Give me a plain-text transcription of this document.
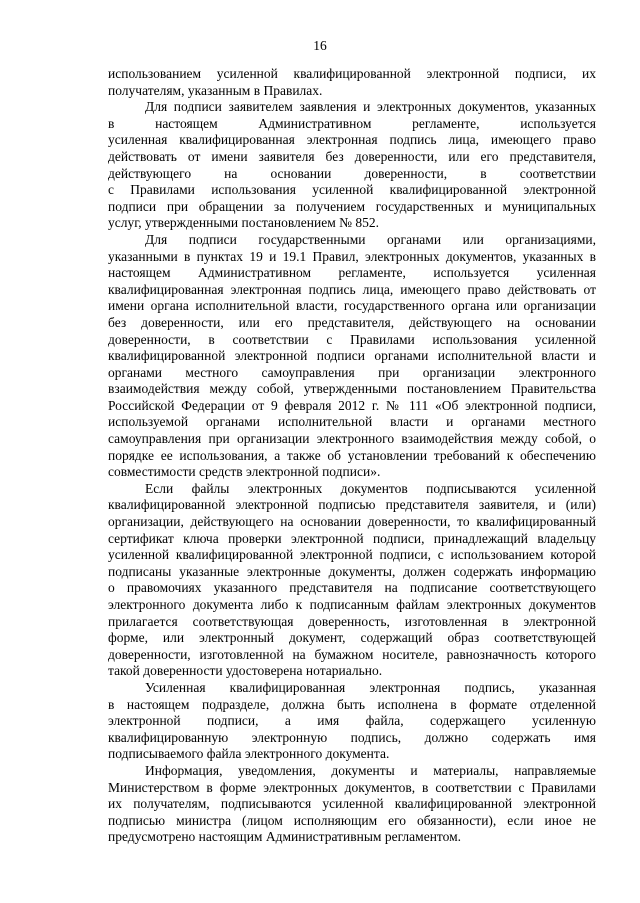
16
использованием усиленной квалифицированной электронной подписи, их
получателям, указанным в Правилах.
Для подписи заявителем заявления и электронных документов, указанных
в настоящем Административном регламенте, используется
усиленная квалифицированная электронная подпись лица, имеющего право
действовать от имени заявителя без доверенности, или его представителя,
действующего на основании доверенности, в соответствии
с Правилами использования усиленной квалифицированной электронной
подписи при обращении за получением государственных и муниципальных
услуг, утвержденными постановлением № 852.
Для подписи государственными органами или организациями,
указанными в пунктах 19 и 19.1 Правил, электронных документов, указанных в
настоящем Административном регламенте, используется усиленная
квалифицированная электронная подпись лица, имеющего право действовать от
имени органа исполнительной власти, государственного органа или организации
без доверенности, или его представителя, действующего на основании
доверенности, в соответствии с Правилами использования усиленной
квалифицированной электронной подписи органами исполнительной власти и
органами местного самоуправления при организации электронного
взаимодействия между собой, утвержденными постановлением Правительства
Российской Федерации от 9 февраля 2012 г. № 111 «Об электронной подписи,
используемой органами исполнительной власти и органами местного
самоуправления при организации электронного взаимодействия между собой, о
порядке ее использования, а также об установлении требований к обеспечению
совместимости средств электронной подписи».
Если файлы электронных документов подписываются усиленной
квалифицированной электронной подписью представителя заявителя, и (или)
организации, действующего на основании доверенности, то квалифицированный
сертификат ключа проверки электронной подписи, принадлежащий владельцу
усиленной квалифицированной электронной подписи, с использованием которой
подписаны указанные электронные документы, должен содержать информацию
о правомочиях указанного представителя на подписание соответствующего
электронного документа либо к подписанным файлам электронных документов
прилагается соответствующая доверенность, изготовленная в электронной
форме, или электронный документ, содержащий образ соответствующей
доверенности, изготовленной на бумажном носителе, равнозначность которого
такой доверенности удостоверена нотариально.
Усиленная квалифицированная электронная подпись, указанная
в настоящем подразделе, должна быть исполнена в формате отделенной
электронной подписи, а имя файла, содержащего усиленную
квалифицированную электронную подпись, должно содержать имя
подписываемого файла электронного документа.
Информация, уведомления, документы и материалы, направляемые
Министерством в форме электронных документов, в соответствии с Правилами
их получателям, подписываются усиленной квалифицированной электронной
подписью министра (лицом исполняющим его обязанности), если иное не
предусмотрено настоящим Административным регламентом.
